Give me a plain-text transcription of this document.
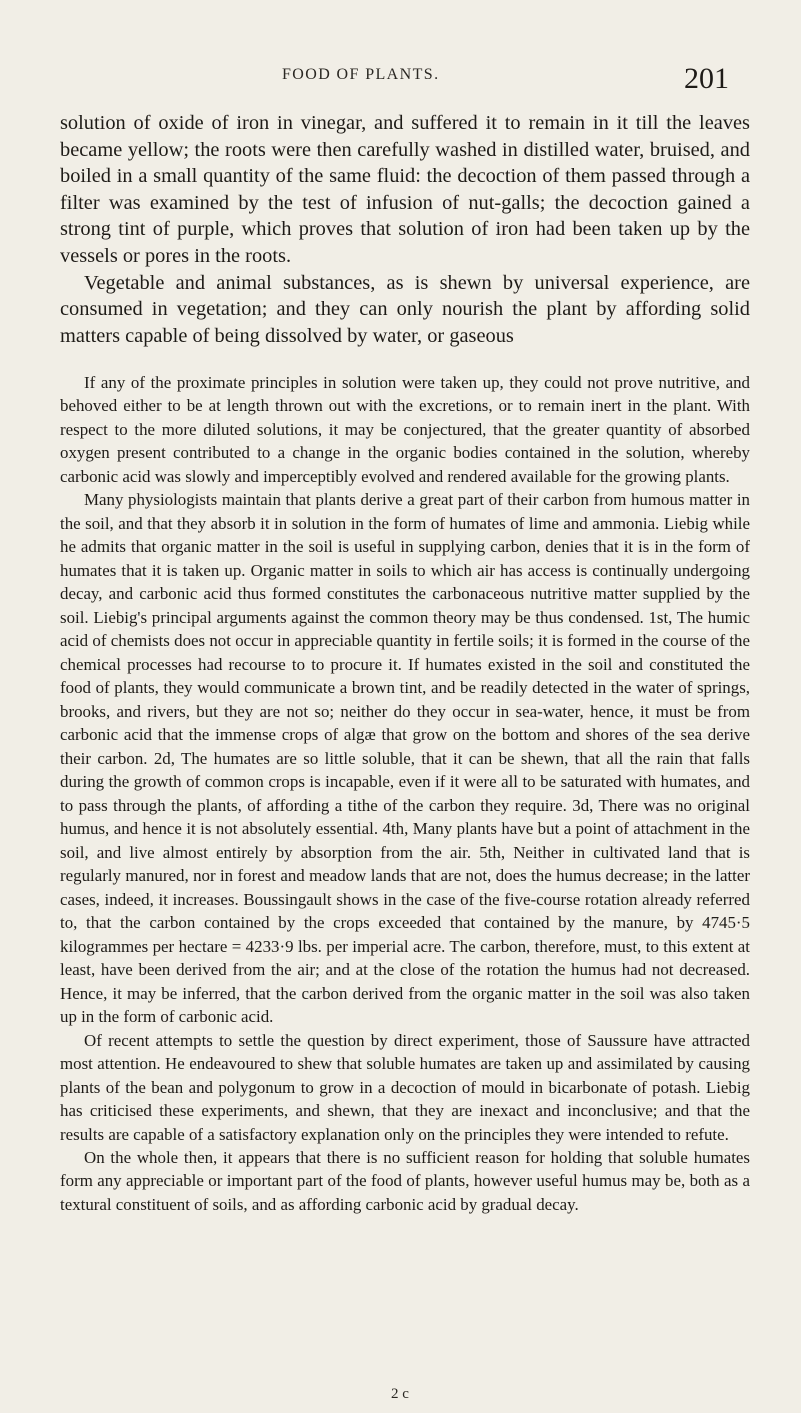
FOOD OF PLANTS.	201

solution of oxide of iron in vinegar, and suffered it to remain in it till the leaves became yellow; the roots were then carefully washed in distilled water, bruised, and boiled in a small quantity of the same fluid: the decoction of them passed through a filter was examined by the test of infusion of nut-galls; the decoction gained a strong tint of purple, which proves that solution of iron had been taken up by the vessels or pores in the roots.

Vegetable and animal substances, as is shewn by universal experience, are consumed in vegetation; and they can only nourish the plant by affording solid matters capable of being dissolved by water, or gaseous

If any of the proximate principles in solution were taken up, they could not prove nutritive, and behoved either to be at length thrown out with the excretions, or to remain inert in the plant. With respect to the more diluted solutions, it may be conjectured, that the greater quantity of absorbed oxygen present contributed to a change in the organic bodies contained in the solution, whereby carbonic acid was slowly and imperceptibly evolved and rendered available for the growing plants.

Many physiologists maintain that plants derive a great part of their carbon from humous matter in the soil, and that they absorb it in solution in the form of humates of lime and ammonia. Liebig while he admits that organic matter in the soil is useful in supplying carbon, denies that it is in the form of humates that it is taken up. Organic matter in soils to which air has access is continually undergoing decay, and carbonic acid thus formed constitutes the carbonaceous nutritive matter supplied by the soil. Liebig's principal arguments against the common theory may be thus condensed. 1st, The humic acid of chemists does not occur in appreciable quantity in fertile soils; it is formed in the course of the chemical processes had recourse to to procure it. If humates existed in the soil and constituted the food of plants, they would communicate a brown tint, and be readily detected in the water of springs, brooks, and rivers, but they are not so; neither do they occur in sea-water, hence, it must be from carbonic acid that the immense crops of algæ that grow on the bottom and shores of the sea derive their carbon. 2d, The humates are so little soluble, that it can be shewn, that all the rain that falls during the growth of common crops is incapable, even if it were all to be saturated with humates, and to pass through the plants, of affording a tithe of the carbon they require. 3d, There was no original humus, and hence it is not absolutely essential. 4th, Many plants have but a point of attachment in the soil, and live almost entirely by absorption from the air. 5th, Neither in cultivated land that is regularly manured, nor in forest and meadow lands that are not, does the humus decrease; in the latter cases, indeed, it increases. Boussingault shows in the case of the five-course rotation already referred to, that the carbon contained by the crops exceeded that contained by the manure, by 4745·5 kilogrammes per hectare = 4233·9 lbs. per imperial acre. The carbon, therefore, must, to this extent at least, have been derived from the air; and at the close of the rotation the humus had not decreased. Hence, it may be inferred, that the carbon derived from the organic matter in the soil was also taken up in the form of carbonic acid.

Of recent attempts to settle the question by direct experiment, those of Saussure have attracted most attention. He endeavoured to shew that soluble humates are taken up and assimilated by causing plants of the bean and polygonum to grow in a decoction of mould in bicarbonate of potash. Liebig has criticised these experiments, and shewn, that they are inexact and inconclusive; and that the results are capable of a satisfactory explanation only on the principles they were intended to refute.

On the whole then, it appears that there is no sufficient reason for holding that soluble humates form any appreciable or important part of the food of plants, however useful humus may be, both as a textural constituent of soils, and as affording carbonic acid by gradual decay.

2 c
